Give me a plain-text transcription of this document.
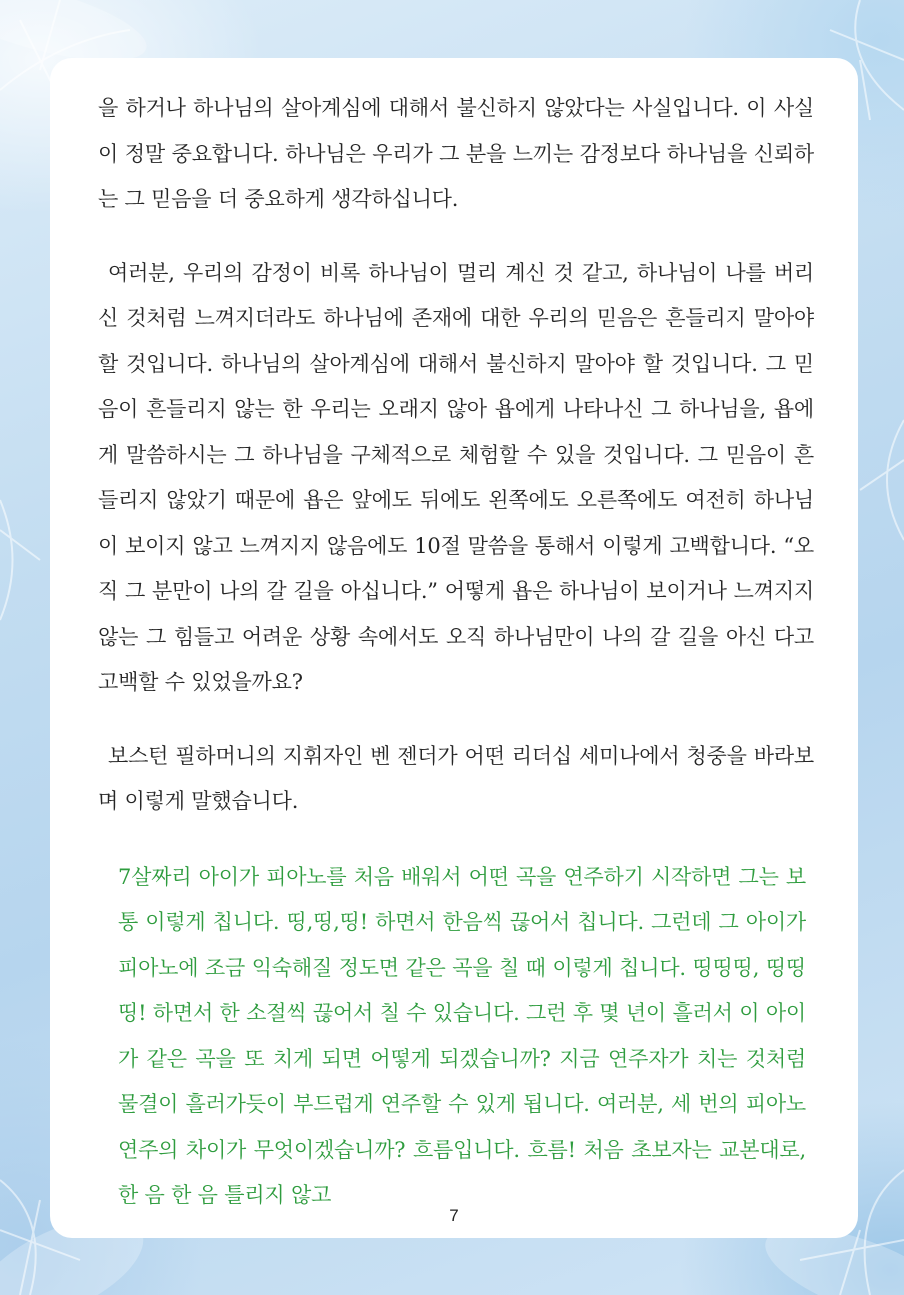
을 하거나 하나님의 살아계심에 대해서 불신하지 않았다는 사실입니다. 이 사실이 정말 중요합니다. 하나님은 우리가 그 분을 느끼는 감정보다 하나님을 신뢰하는 그 믿음을 더 중요하게 생각하십니다.

여러분, 우리의 감정이 비록 하나님이 멀리 계신 것 같고, 하나님이 나를 버리신 것처럼 느껴지더라도 하나님에 존재에 대한 우리의 믿음은 흔들리지 말아야 할 것입니다. 하나님의 살아계심에 대해서 불신하지 말아야 할 것입니다. 그 믿음이 흔들리지 않는 한 우리는 오래지 않아 욥에게 나타나신 그 하나님을, 욥에게 말씀하시는 그 하나님을 구체적으로 체험할 수 있을 것입니다. 그 믿음이 흔들리지 않았기 때문에 욥은 앞에도 뒤에도 왼쪽에도 오른쪽에도 여전히 하나님이 보이지 않고 느껴지지 않음에도 10절 말씀을 통해서 이렇게 고백합니다. “오직 그 분만이 나의 갈 길을 아십니다.” 어떻게 욥은 하나님이 보이거나 느껴지지 않는 그 힘들고 어려운 상황 속에서도 오직 하나님만이 나의 갈 길을 아신 다고 고백할 수 있었을까요?

보스턴 필하머니의 지휘자인 벤 젠더가 어떤 리더십 세미나에서 청중을 바라보며 이렇게 말했습니다.

7살짜리 아이가 피아노를 처음 배워서 어떤 곡을 연주하기 시작하면 그는 보통 이렇게 칩니다. 띵,띵,띵! 하면서 한음씩 끊어서 칩니다. 그런데 그 아이가 피아노에 조금 익숙해질 정도면 같은 곡을 칠 때 이렇게 칩니다. 띵띵띵, 띵띵띵! 하면서 한 소절씩 끊어서 칠 수 있습니다. 그런 후 몇 년이 흘러서 이 아이가 같은 곡을 또 치게 되면 어떻게 되겠습니까? 지금 연주자가 치는 것처럼 물결이 흘러가듯이 부드럽게 연주할 수 있게 됩니다. 여러분, 세 번의 피아노 연주의 차이가 무엇이겠습니까? 흐름입니다. 흐름! 처음 초보자는 교본대로, 한 음 한 음 틀리지 않고

7
